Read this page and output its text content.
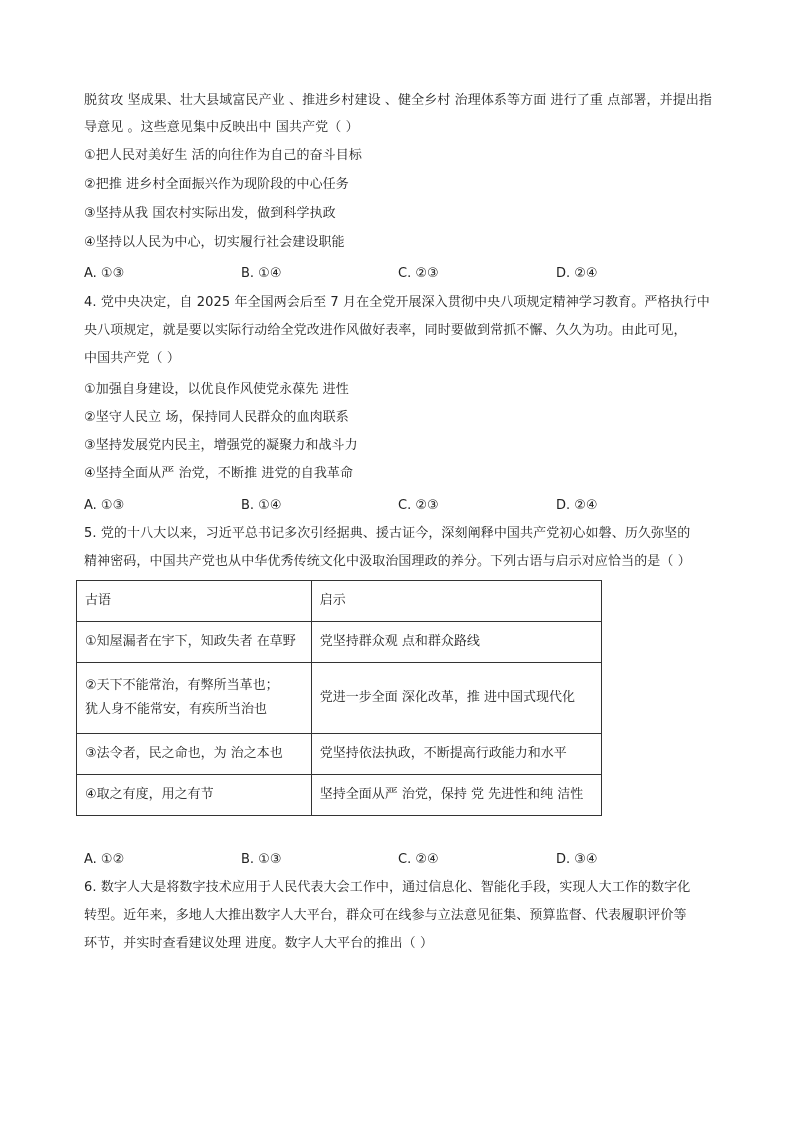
脱贫攻 坚成果、壮大县域富民产业 、推进乡村建设 、健全乡村 治理体系等方面 进行了重 点部署，并提出指
导意见 。这些意见集中反映出中 国共产党（ ）
①把人民对美好生 活的向往作为自己的奋斗目标
②把推 进乡村全面振兴作为现阶段的中心任务
③坚持从我 国农村实际出发，做到科学执政
④坚持以人民为中心，切实履行社会建设职能
A. ①③	B. ①④	C. ②③	D. ②④
4. 党中央决定，自 2025 年全国两会后至 7 月在全党开展深入贯彻中央八项规定精神学习教育。严格执行中
央八项规定，就是要以实际行动给全党改进作风做好表率，同时要做到常抓不懈、久久为功。由此可见，
中国共产党（ ）
①加强自身建设，以优良作风使党永葆先 进性
②坚守人民立 场，保持同人民群众的血肉联系
③坚持发展党内民主，增强党的凝聚力和战斗力
④坚持全面从严 治党，不断推 进党的自我革命
A. ①③	B. ①④	C. ②③	D. ②④
5. 党的十八大以来，习近平总书记多次引经据典、援古证今，深刻阐释中国共产党初心如磐、历久弥坚的
精神密码，中国共产党也从中华优秀传统文化中汲取治国理政的养分。下列古语与启示对应恰当的是（ ）
古语	启示
①知屋漏者在宇下，知政失者 在草野	党坚持群众观 点和群众路线

②天下不能常治，有弊所当革也；
犹人身不能常安，有疾所当治也	党进一步全面 深化改革，推 进中国式现代化
③法令者，民之命也，为 治之本也	党坚持依法执政，不断提高行政能力和水平
④取之有度，用之有节	坚持全面从严 治党，保持 党 先进性和纯 洁性
A. ①②	B. ①③	C. ②④	D. ③④
6. 数字人大是将数字技术应用于人民代表大会工作中，通过信息化、智能化手段，实现人大工作的数字化
转型。近年来，多地人大推出数字人大平台，群众可在线参与立法意见征集、预算监督、代表履职评价等
环节，并实时查看建议处理 进度。数字人大平台的推出（ ）
